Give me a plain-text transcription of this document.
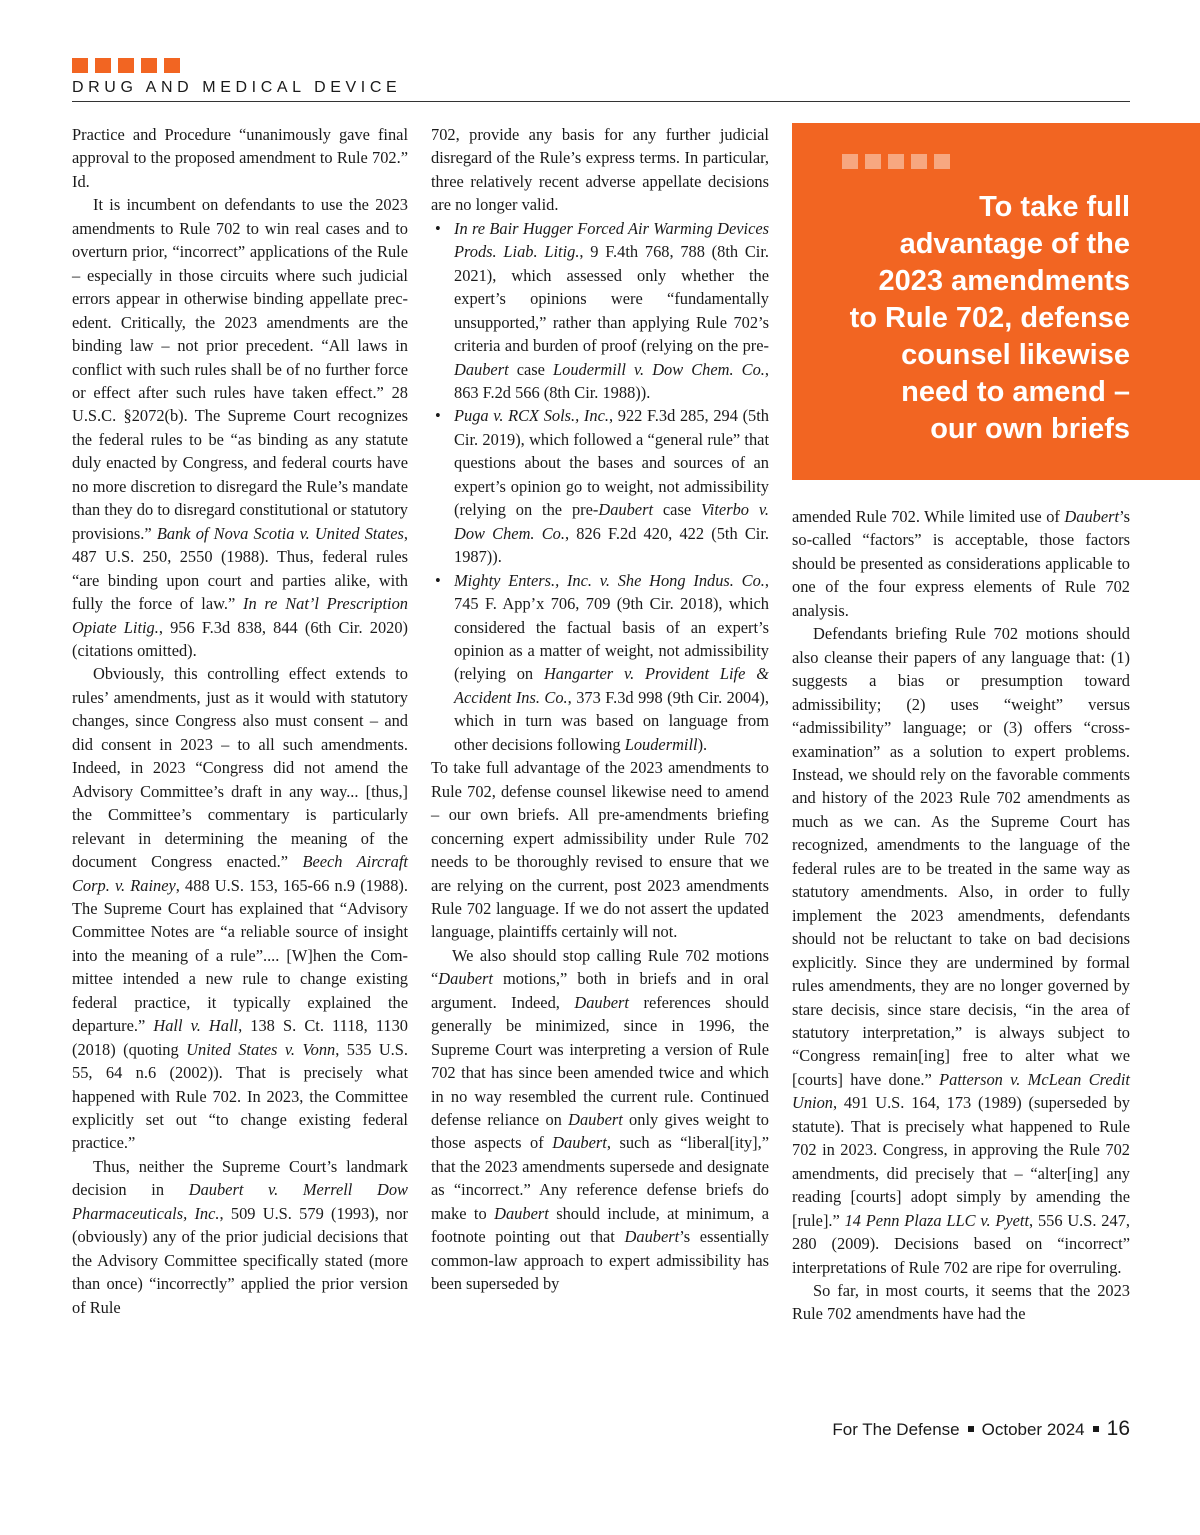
DRUG AND MEDICAL DEVICE

Practice and Procedure “unanimously gave final approval to the proposed amendment to Rule 702.” Id.

It is incumbent on defendants to use the 2023 amendments to Rule 702 to win real cases and to overturn prior, “incorrect” applications of the Rule – especially in those circuits where such judicial errors appear in otherwise binding appellate precedent. Critically, the 2023 amendments are the binding law – not prior precedent. “All laws in conflict with such rules shall be of no further force or effect after such rules have taken effect.” 28 U.S.C. §2072(b). The Supreme Court recognizes the federal rules to be “as binding as any statute duly enacted by Congress, and federal courts have no more discretion to disregard the Rule’s mandate than they do to disregard constitutional or statutory provisions.” Bank of Nova Scotia v. United States, 487 U.S. 250, 2550 (1988). Thus, federal rules “are binding upon court and parties alike, with fully the force of law.” In re Nat’l Prescription Opiate Litig., 956 F.3d 838, 844 (6th Cir. 2020) (citations omitted).

Obviously, this controlling effect extends to rules’ amendments, just as it would with statutory changes, since Congress also must consent – and did consent in 2023 – to all such amendments. Indeed, in 2023 “Congress did not amend the Advisory Committee’s draft in any way... [thus,] the Committee’s commentary is particularly relevant in determining the meaning of the document Congress enacted.” Beech Aircraft Corp. v. Rainey, 488 U.S. 153, 165-66 n.9 (1988). The Supreme Court has explained that “Advisory Committee Notes are “a reliable source of insight into the meaning of a rule”.... [W]hen the Committee intended a new rule to change existing federal practice, it typically explained the departure.” Hall v. Hall, 138 S. Ct. 1118, 1130 (2018) (quoting United States v. Vonn, 535 U.S. 55, 64 n.6 (2002)). That is precisely what happened with Rule 702. In 2023, the Committee explicitly set out “to change existing federal practice.”

Thus, neither the Supreme Court’s landmark decision in Daubert v. Merrell Dow Pharmaceuticals, Inc., 509 U.S. 579 (1993), nor (obviously) any of the prior judicial decisions that the Advisory Committee specifically stated (more than once) “incorrectly” applied the prior version of Rule

702, provide any basis for any further judicial disregard of the Rule’s express terms. In particular, three relatively recent adverse appellate decisions are no longer valid.

• In re Bair Hugger Forced Air Warming Devices Prods. Liab. Litig., 9 F.4th 768, 788 (8th Cir. 2021), which assessed only whether the expert’s opinions were “fundamentally unsupported,” rather than applying Rule 702’s criteria and burden of proof (relying on the pre-Daubert case Loudermill v. Dow Chem. Co., 863 F.2d 566 (8th Cir. 1988)).
• Puga v. RCX Sols., Inc., 922 F.3d 285, 294 (5th Cir. 2019), which followed a “general rule” that questions about the bases and sources of an expert’s opinion go to weight, not admissibility (relying on the pre-Daubert case Viterbo v. Dow Chem. Co., 826 F.2d 420, 422 (5th Cir. 1987)).
• Mighty Enters., Inc. v. She Hong Indus. Co., 745 F. App’x 706, 709 (9th Cir. 2018), which considered the factual basis of an expert’s opinion as a matter of weight, not admissibility (relying on Hangarter v. Provident Life & Accident Ins. Co., 373 F.3d 998 (9th Cir. 2004), which in turn was based on language from other decisions following Loudermill).

To take full advantage of the 2023 amendments to Rule 702, defense counsel likewise need to amend – our own briefs. All pre-amendments briefing concerning expert admissibility under Rule 702 needs to be thoroughly revised to ensure that we are relying on the current, post 2023 amendments Rule 702 language. If we do not assert the updated language, plaintiffs certainly will not.

We also should stop calling Rule 702 motions “Daubert motions,” both in briefs and in oral argument. Indeed, Daubert references should generally be minimized, since in 1996, the Supreme Court was interpreting a version of Rule 702 that has since been amended twice and which in no way resembled the current rule. Continued defense reliance on Daubert only gives weight to those aspects of Daubert, such as “liberal[ity],” that the 2023 amendments supersede and designate as “incorrect.” Any reference defense briefs do make to Daubert should include, at minimum, a footnote pointing out that Daubert’s essentially common-law approach to expert admissibility has been superseded by

To take full
advantage of the
2023 amendments
to Rule 702, defense
counsel likewise
need to amend –
our own briefs

amended Rule 702. While limited use of Daubert’s so-called “factors” is acceptable, those factors should be presented as considerations applicable to one of the four express elements of Rule 702 analysis.

Defendants briefing Rule 702 motions should also cleanse their papers of any language that: (1) suggests a bias or presumption toward admissibility; (2) uses “weight” versus “admissibility” language; or (3) offers “cross-examination” as a solution to expert problems. Instead, we should rely on the favorable comments and history of the 2023 Rule 702 amendments as much as we can. As the Supreme Court has recognized, amendments to the language of the federal rules are to be treated in the same way as statutory amendments. Also, in order to fully implement the 2023 amendments, defendants should not be reluctant to take on bad decisions explicitly. Since they are undermined by formal rules amendments, they are no longer governed by stare decisis, since stare decisis, “in the area of statutory interpretation,” is always subject to “Congress remain[ing] free to alter what we [courts] have done.” Patterson v. McLean Credit Union, 491 U.S. 164, 173 (1989) (superseded by statute). That is precisely what happened to Rule 702 in 2023. Congress, in approving the Rule 702 amendments, did precisely that – “alter[ing] any reading [courts] adopt simply by amending the [rule].” 14 Penn Plaza LLC v. Pyett, 556 U.S. 247, 280 (2009). Decisions based on “incorrect” interpretations of Rule 702 are ripe for overruling.

So far, in most courts, it seems that the 2023 Rule 702 amendments have had the

For The Defense October 2024 16
